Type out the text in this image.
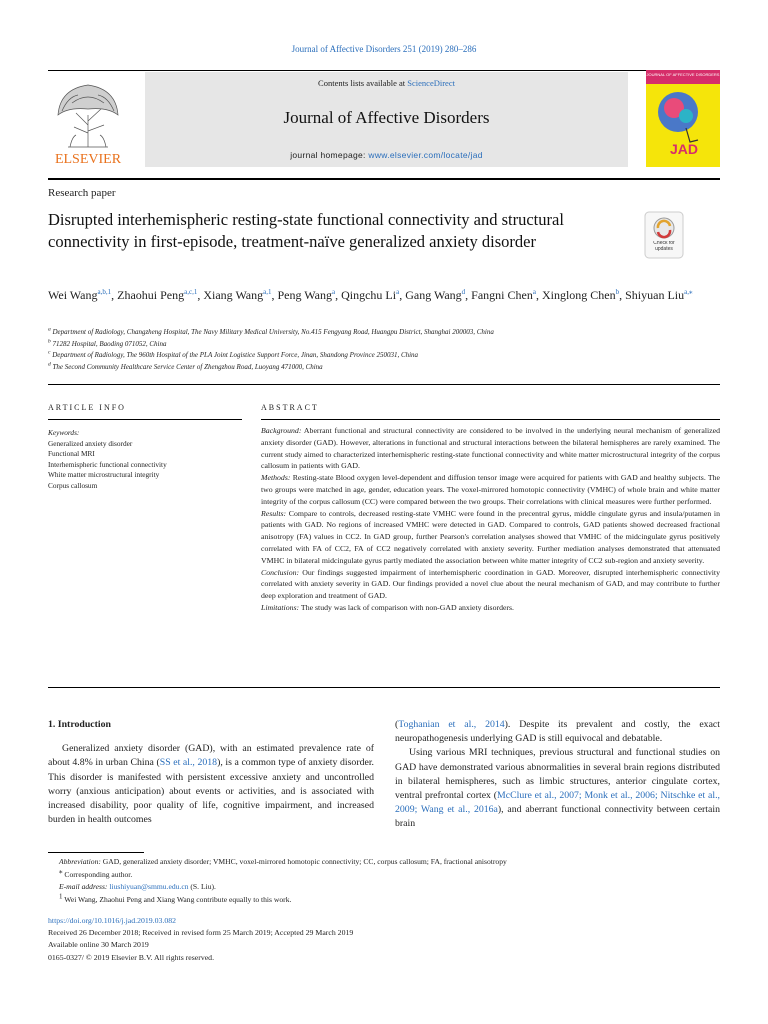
Journal of Affective Disorders 251 (2019) 280–286
ELSEVIER
Contents lists available at ScienceDirect
Journal of Affective Disorders
journal homepage: www.elsevier.com/locate/jad
JOURNAL OF AFFECTIVE DISORDERS
JAD
Research paper
Disrupted interhemispheric resting-state functional connectivity and structural connectivity in first-episode, treatment-naïve generalized anxiety disorder	Check for updates
Wei Wang$^{a,b,1}$, Zhaohui Peng$^{a,c,1}$, Xiang Wang$^{a,1}$, Peng Wang$^a$, Qingchu Li$^a$, Gang Wang$^d$, Fangni Chen$^a$, Xinglong Chen$^b$, Shiyuan Liu$^{a,⁎}$
$^a$ Department of Radiology, Changzheng Hospital, The Navy Military Medical University, No.415 Fengyang Road, Huangpu District, Shanghai 200003, China
$^b$ 71282 Hospital, Baoding 071052, China
$^c$ Department of Radiology, The 960th Hospital of the PLA Joint Logistice Support Force, Jinan, Shandong Province 250031, China
$^d$ The Second Community Healthcare Service Center of Zhengzhou Road, Luoyang 471000, China
ARTICLE INFO	ABSTRACT
Keywords:
Generalized anxiety disorder
Functional MRI
Interhemispheric functional connectivity
White matter microstructural integrity
Corpus callosum

Background: Aberrant functional and structural connectivity are considered to be involved in the underlying neural mechanism of generalized anxiety disorder (GAD). However, alterations in functional and structural interactions between the bilateral hemispheres are rarely examined. The current study aimed to characterized interhemispheric resting-state functional connectivity and white matter microstructural integrity of the corpus callosum in patients with GAD.

Methods: Resting-state Blood oxygen level-dependent and diffusion tensor image were acquired for patients with GAD and healthy subjects. The two groups were matched in age, gender, education years. The voxel-mirrored homotopic connectivity (VMHC) of whole brain and white matter integrity of the corpus callosum (CC) were compared between the two groups. Their correlations with clinical measures were further performed.

Results: Compare to controls, decreased resting-state VMHC were found in the precentral gyrus, middle cingulate gyrus and insula/putamen in patients with GAD. No regions of increased VMHC were detected in GAD. Compared to controls, GAD patients showed decreased fractional anisotropy (FA) values in CC2. In GAD group, further Pearson's correlation analyses showed that VMHC of the midcingulate gyrus positively correlated with FA of CC2, FA of CC2 negatively correlated with anxiety severity. Further mediation analyses demonstrated that attenuated VMHC in bilateral midcingulate gyrus partly mediated the association between white matter integrity of CC2 sub-region and anxiety severity.

Conclusion: Our findings suggested impairment of interhemispheric coordination in GAD. Moreover, disrupted interhemispheric connectivity correlated with anxiety severity in GAD. Our findings provided a novel clue about the neural mechanism of GAD, and may contribute to further deep exploration and treatment of GAD.

Limitations: The study was lack of comparison with non-GAD anxiety disorders.

1. Introduction

Generalized anxiety disorder (GAD), with an estimated prevalence rate of about 4.8% in urban China (SS et al., 2018), is a common type of anxiety disorder. This disorder is manifested with persistent excessive anxiety and uncontrolled worry (anxious anticipation) about events or activities, and is associated with increased disability, poor quality of life, cognitive impairment, and increased burden in health outcomes

(Toghanian et al., 2014). Despite its prevalent and costly, the exact neuropathogenesis underlying GAD is still equivocal and debatable.

Using various MRI techniques, previous structural and functional studies on GAD have demonstrated various abnormalities in several brain regions distributed in bilateral hemispheres, such as limbic structures, anterior cingulate cortex, ventral prefrontal cortex (McClure et al., 2007; Monk et al., 2006; Nitschke et al., 2009; Wang et al., 2016a), and aberrant functional connectivity between certain brain

Abbreviation: GAD, generalized anxiety disorder; VMHC, voxel-mirrored homotopic connectivity; CC, corpus callosum; FA, fractional anisotropy
⁎ Corresponding author.
E-mail address: liushiyuan@smmu.edu.cn (S. Liu).
$^1$ Wei Wang, Zhaohui Peng and Xiang Wang contribute equally to this work.
https://doi.org/10.1016/j.jad.2019.03.082
Received 26 December 2018; Received in revised form 25 March 2019; Accepted 29 March 2019
Available online 30 March 2019
0165-0327/ © 2019 Elsevier B.V. All rights reserved.
